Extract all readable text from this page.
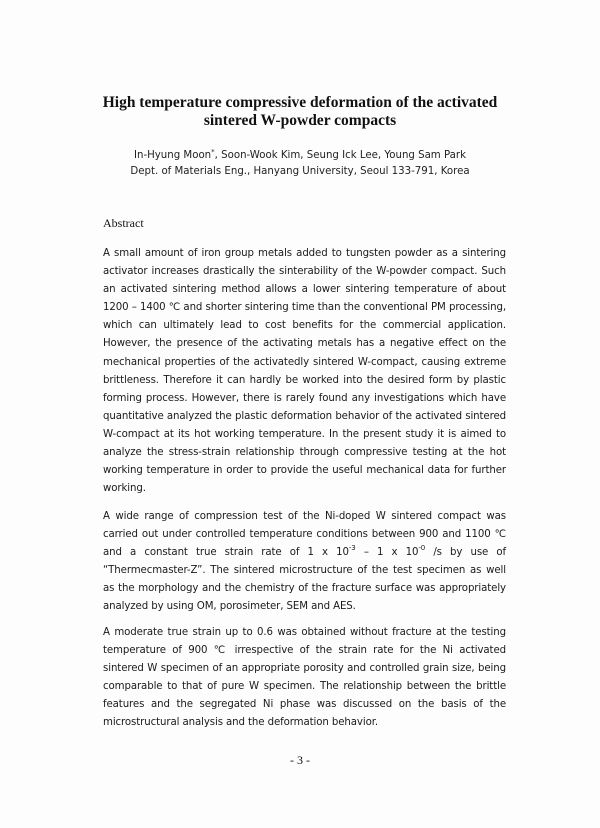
High temperature compressive deformation of the activated
sintered W-powder compacts
In-Hyung Moon*, Soon-Wook Kim, Seung Ick Lee, Young Sam Park
Dept. of Materials Eng., Hanyang University, Seoul 133-791, Korea
Abstract
A small amount of iron group metals added to tungsten powder as a sintering
activator increases drastically the sinterability of the W-powder compact. Such
an activated sintering method allows a lower sintering temperature of about
1200 – 1400 ℃ and shorter sintering time than the conventional PM processing,
which can ultimately lead to cost benefits for the commercial application.
However, the presence of the activating metals has a negative effect on the
mechanical properties of the activatedly sintered W-compact, causing extreme
brittleness. Therefore it can hardly be worked into the desired form by plastic
forming process. However, there is rarely found any investigations which have
quantitative analyzed the plastic deformation behavior of the activated sintered
W-compact at its hot working temperature. In the present study it is aimed to
analyze the stress-strain relationship through compressive testing at the hot
working temperature in order to provide the useful mechanical data for further
working.
A wide range of compression test of the Ni-doped W sintered compact was
carried out under controlled temperature conditions between 900 and 1100 ℃
and a constant true strain rate of 1 x $10^{-3} - 1$ x $10^{-0}$ /s by use of
“Thermecmaster-Z”. The sintered microstructure of the test specimen as well
as the morphology and the chemistry of the fracture surface was appropriately
analyzed by using OM, porosimeter, SEM and AES.
A moderate true strain up to 0.6 was obtained without fracture at the testing
temperature of 900 ℃ irrespective of the strain rate for the Ni activated
sintered W specimen of an appropriate porosity and controlled grain size, being
comparable to that of pure W specimen. The relationship between the brittle
features and the segregated Ni phase was discussed on the basis of the
microstructural analysis and the deformation behavior.
- 3 -
